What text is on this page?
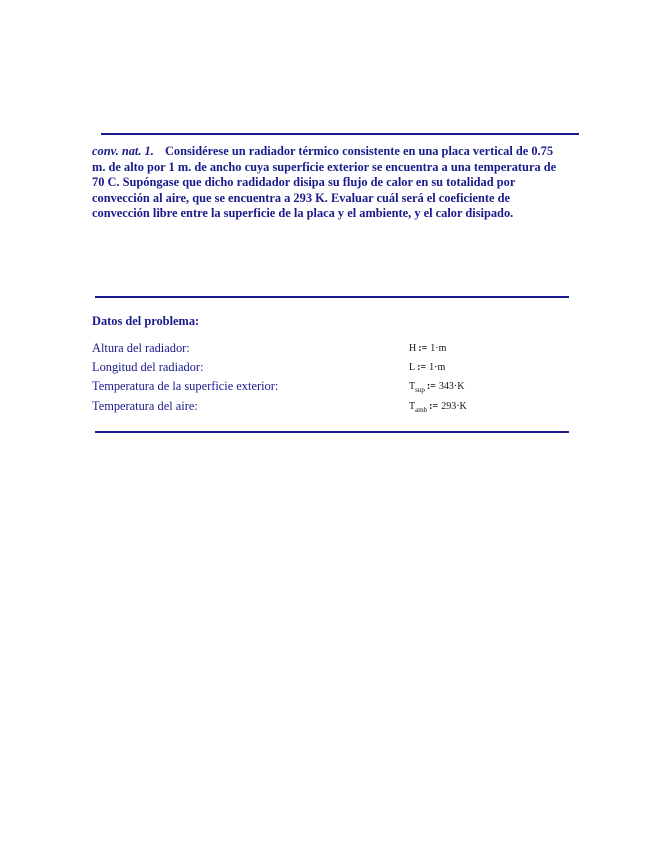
conv. nat. 1. Considérese un radiador térmico consistente en una placa vertical de 0.75 m. de alto por 1 m. de ancho cuya superficie exterior se encuentra a una temperatura de 70 C. Supóngase que dicho radidador disipa su flujo de calor en su totalidad por convección al aire, que se encuentra a 293 K. Evaluar cuál será el coeficiente de convección libre entre la superficie de la placa y el ambiente, y el calor disipado.
Datos del problema:
Altura del radiador:	H := 1·m
Longitud del radiador:	L := 1·m
Temperatura de la superficie exterior:	$T_{sup}$ := 343·K
Temperatura del aire:	$T_{amb}$ := 293·K
